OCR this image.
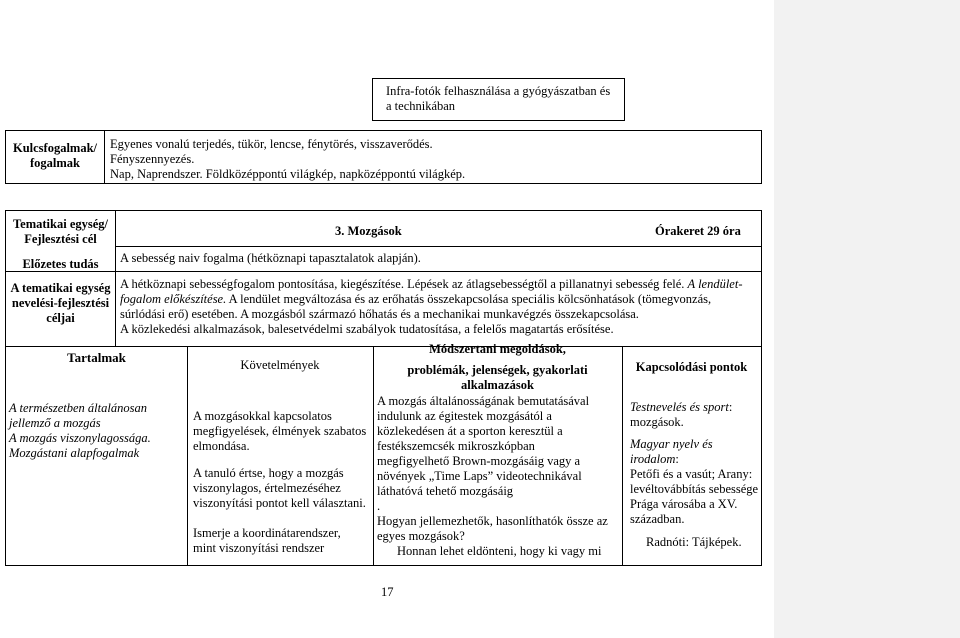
Infra-fotók felhasználása a gyógyászatban és
a technikában
Kulcsfogalmak/
fogalmak
Egyenes vonalú terjedés, tükör, lencse, fénytörés, visszaverődés.
Fényszennyezés.
Nap, Naprendszer. Földközéppontú világkép, napközéppontú világkép.
Tematikai egység/
Fejlesztési cél
3. Mozgások	Órakeret 29 óra
A sebesség naiv fogalma (hétköznapi tapasztalatok alapján).
Előzetes tudás
A tematikai egység
nevelési-fejlesztési
céljai
A hétköznapi sebességfogalom pontosítása, kiegészítése. Lépések az átlagsebességtől a pillanatnyi sebesség felé. A lendület-
fogalom előkészítése. A lendület megváltozása és az erőhatás összekapcsolása speciális kölcsönhatások (tömegvonzás,
súrlódási erő) esetében. A mozgásból származó hőhatás és a mechanikai munkavégzés összekapcsolása.
A közlekedési alkalmazások, balesetvédelmi szabályok tudatosítása, a felelős magatartás erősítése.
Tartalmak	Követelmények
Módszertani megoldások,
problémák, jelenségek, gyakorlati
alkalmazások
Kapcsolódási pontok
A természetben általánosan
jellemző a mozgás
A mozgás viszonylagossága.
Mozgástani alapfogalmak
A mozgásokkal kapcsolatos
megfigyelések, élmények szabatos
elmondása.
A tanuló értse, hogy a mozgás
viszonylagos, értelmezéséhez
viszonyítási pontot kell választani.
Ismerje a koordinátarendszer,
mint viszonyítási rendszer
A mozgás általánosságának bemutatásával
indulunk az égitestek mozgásától a
közlekedésen át a sporton keresztül a
festékszemcsék mikroszkópban
megfigyelhető Brown-mozgásáig vagy a
növények „Time Laps” videotechnikával
láthatóvá tehető mozgásáig
.
Hogyan jellemezhetők, hasonlíthatók össze az
egyes mozgások?
Honnan lehet eldönteni, hogy ki vagy mi
Testnevelés és sport:
mozgások.
Magyar nyelv és
irodalom:
Petőfi és a vasút; Arany:
levéltovábbítás sebessége
Prága városába a XV.
században.
Radnóti: Tájképek.
17
